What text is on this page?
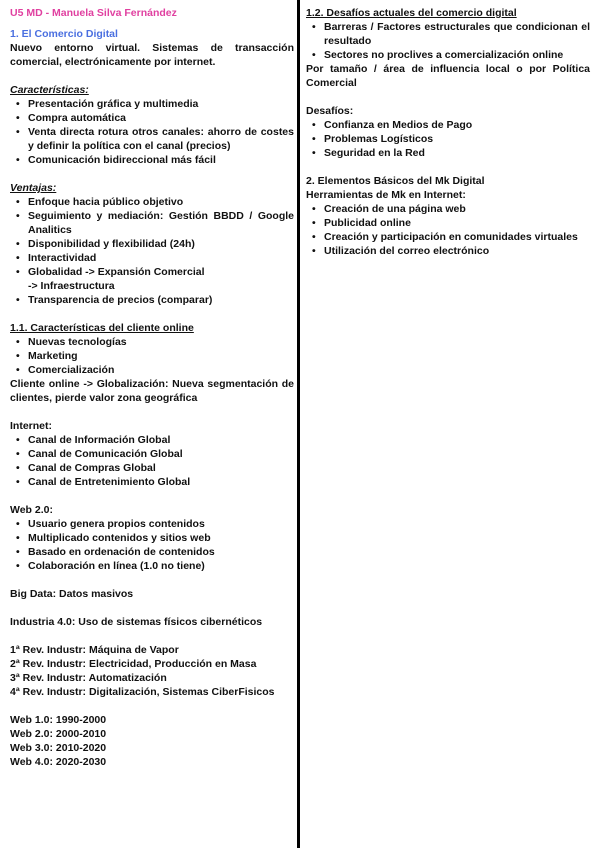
U5 MD - Manuela Silva Fernández
1. El Comercio Digital

Nuevo entorno virtual. Sistemas de transacción comercial, electrónicamente por internet.

Características:
• Presentación gráfica y multimedia
• Compra automática
• Venta directa rotura otros canales: ahorro de costes y definir la política con el canal (precios)
• Comunicación bidireccional más fácil
Ventajas:
• Enfoque hacia público objetivo
• Seguimiento y mediación: Gestión BBDD / Google Analitics
• Disponibilidad y flexibilidad (24h)
• Interactividad
• Globalidad -> Expansión Comercial
-> Infraestructura
• Transparencia de precios (comparar)
1.1. Características del cliente online
• Nuevas tecnologías
• Marketing
• Comercialización

Cliente online -> Globalización: Nueva segmentación de clientes, pierde valor zona geográfica

Internet:

• Canal de Información Global
• Canal de Comunicación Global
• Canal de Compras Global
• Canal de Entretenimiento Global

Web 2.0:

• Usuario genera propios contenidos
• Multiplicado contenidos y sitios web
• Basado en ordenación de contenidos
• Colaboración en línea (1.0 no tiene)

Big Data: Datos masivos

Industria 4.0: Uso de sistemas físicos cibernéticos

1ª Rev. Industr: Máquina de Vapor

2ª Rev. Industr: Electricidad, Producción en Masa

3ª Rev. Industr: Automatización

4ª Rev. Industr: Digitalización, Sistemas CiberFisicos

Web 1.0: 1990-2000

Web 2.0: 2000-2010

Web 3.0: 2010-2020

Web 4.0: 2020-2030

1.2. Desafíos actuales del comercio digital
• Barreras / Factores estructurales que condicionan el resultado
• Sectores no proclives a comercialización online

Por tamaño / área de influencia local o por Política Comercial

Desafíos:

• Confianza en Medios de Pago
• Problemas Logísticos
• Seguridad en la Red

2. Elementos Básicos del Mk Digital

Herramientas de Mk en Internet:

• Creación de una página web
• Publicidad online
• Creación y participación en comunidades virtuales
• Utilización del correo electrónico
